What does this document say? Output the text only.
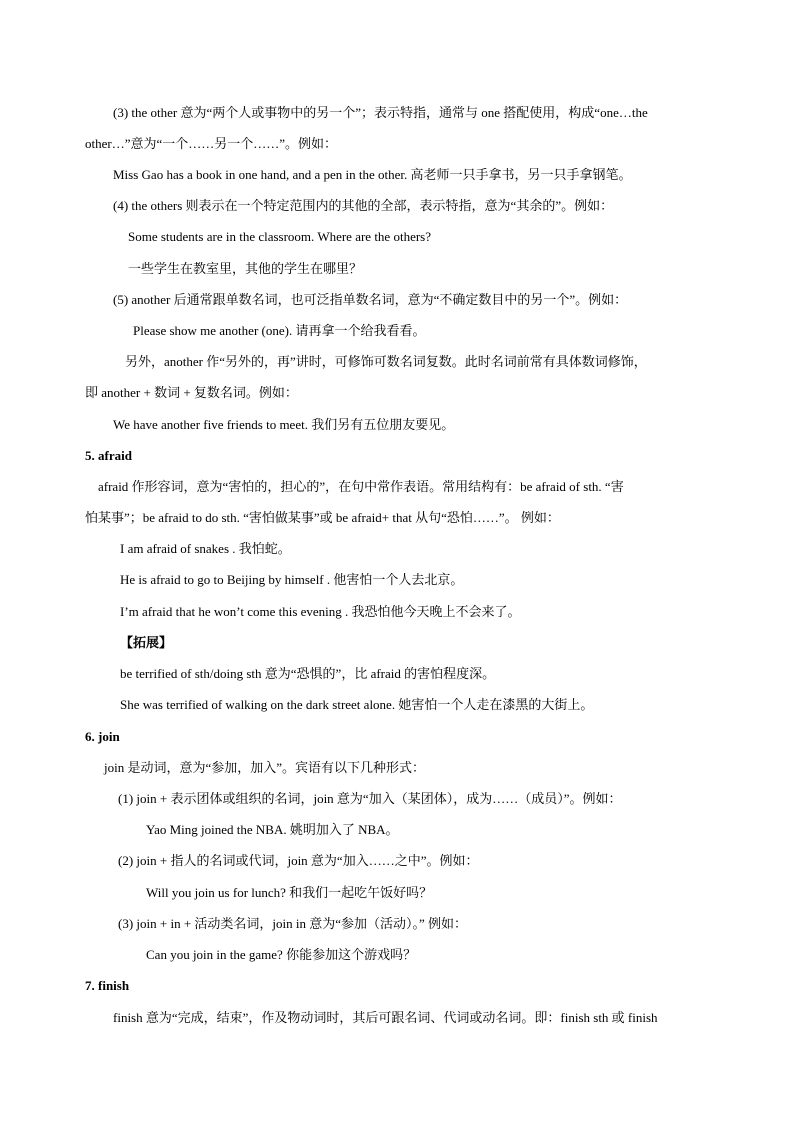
(3) the other 意为“两个人或事物中的另一个”；表示特指，通常与 one 搭配使用，构成“one…the
other…”意为“一个……另一个……”。例如：
Miss Gao has a book in one hand, and a pen in the other. 高老师一只手拿书，另一只手拿钢笔。
(4) the others 则表示在一个特定范围内的其他的全部，表示特指，意为“其余的”。例如：
Some students are in the classroom. Where are the others?
一些学生在教室里，其他的学生在哪里？
(5) another 后通常跟单数名词，也可泛指单数名词，意为“不确定数目中的另一个”。例如：
Please show me another (one). 请再拿一个给我看看。
另外，another 作“另外的，再”讲时，可修饰可数名词复数。此时名词前常有具体数词修饰，
即 another + 数词 + 复数名词。例如：
We have another five friends to meet. 我们另有五位朋友要见。
5. afraid
afraid 作形容词，意为“害怕的，担心的”，在句中常作表语。常用结构有：be afraid of sth. “害
怕某事”；be afraid to do sth. “害怕做某事”或 be afraid+ that 从句“恐怕……”。 例如：
I am afraid of snakes . 我怕蛇。
He is afraid to go to Beijing by himself . 他害怕一个人去北京。
I’m afraid that he won’t come this evening . 我恐怕他今天晚上不会来了。
【拓展】
be terrified of sth/doing sth 意为“恐惧的”，比 afraid 的害怕程度深。
She was terrified of walking on the dark street alone. 她害怕一个人走在漆黑的大街上。
6. join
join 是动词，意为“参加，加入”。宾语有以下几种形式：
(1) join + 表示团体或组织的名词，join 意为“加入（某团体），成为……（成员）”。例如：
Yao Ming joined the NBA. 姚明加入了 NBA。
(2) join + 指人的名词或代词，join 意为“加入……之中”。例如：
Will you join us for lunch? 和我们一起吃午饭好吗？
(3) join + in + 活动类名词，join in 意为“参加（活动）。” 例如：
Can you join in the game? 你能参加这个游戏吗？
7. finish
finish 意为“完成，结束”，作及物动词时，其后可跟名词、代词或动名词。即：finish sth 或 finish
